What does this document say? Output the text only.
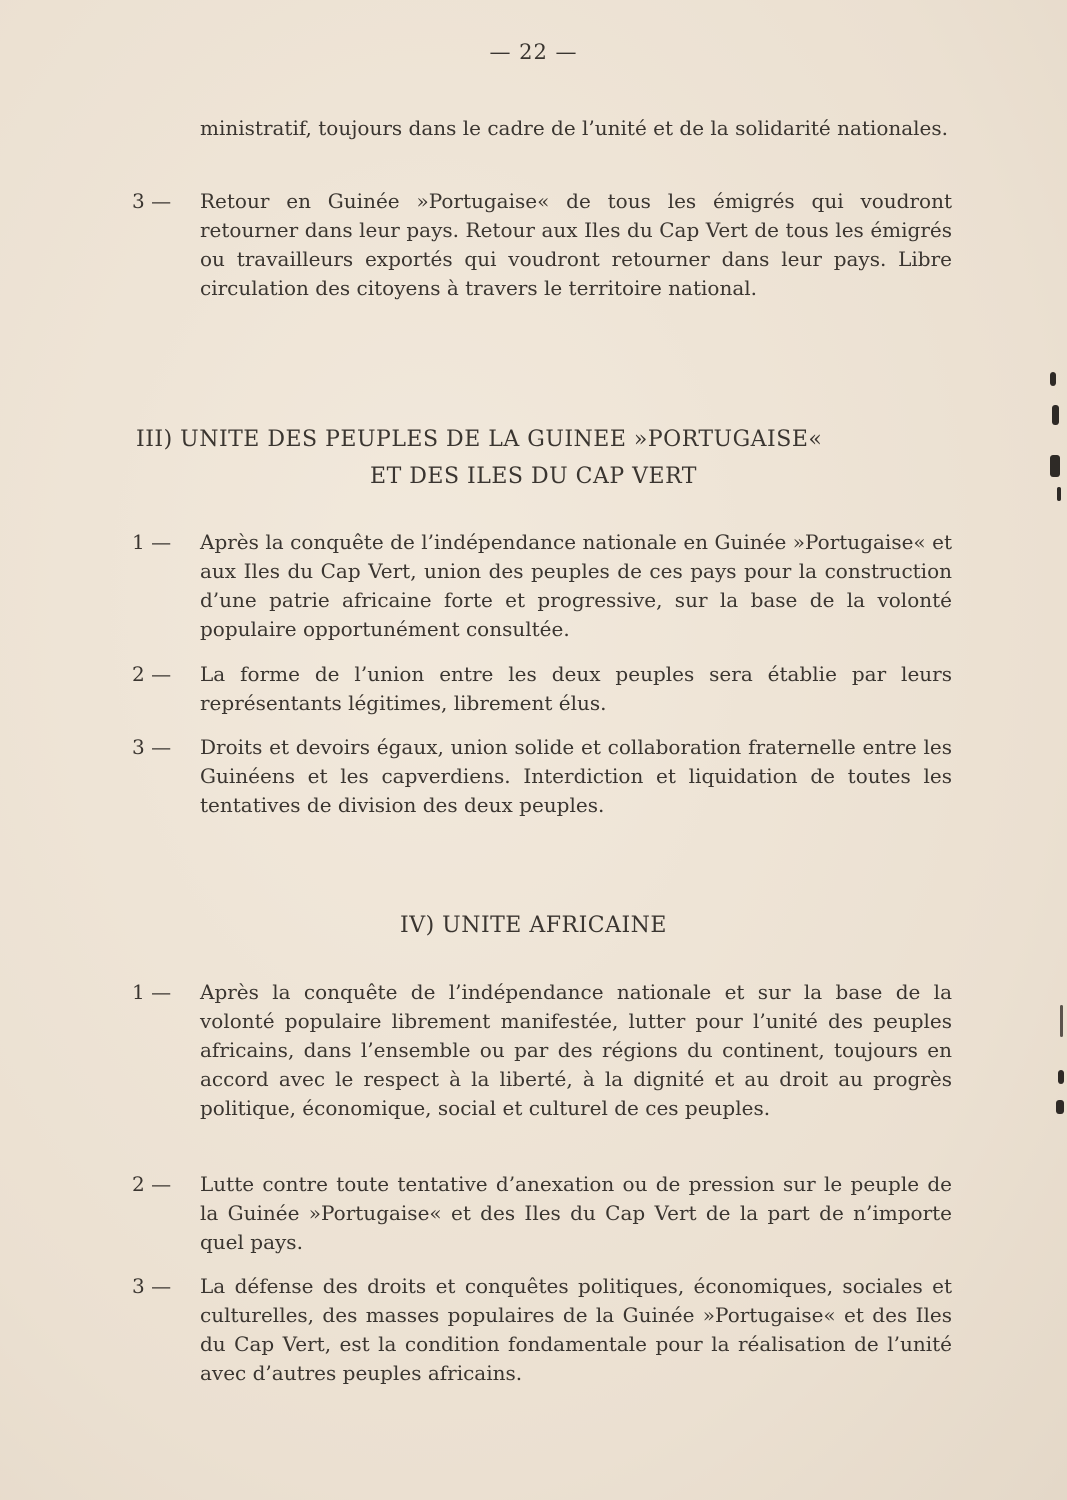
— 22 —
ministratif, toujours dans le cadre de l’unité et de la solidarité nationales.
3 —	Retour en Guinée »Portugaise« de tous les émigrés qui voudront retourner dans leur pays. Retour aux Iles du Cap Vert de tous les émigrés ou travailleurs exportés qui voudront retourner dans leur pays. Libre circulation des citoyens à travers le territoire national.
III) UNITE DES PEUPLES DE LA GUINEE »PORTUGAISE«
ET DES ILES DU CAP VERT
1 —	Après la conquête de l’indépendance nationale en Guinée »Portugaise« et aux Iles du Cap Vert, union des peuples de ces pays pour la construction d’une patrie africaine forte et progressive, sur la base de la volonté populaire opportunément consultée.
2 —	La forme de l’union entre les deux peuples sera établie par leurs représentants légitimes, librement élus.
3 —	Droits et devoirs égaux, union solide et collaboration fraternelle entre les Guinéens et les capverdiens. Interdiction et liquidation de toutes les tentatives de division des deux peuples.
IV) UNITE AFRICAINE
1 —	Après la conquête de l’indépendance nationale et sur la base de la volonté populaire librement manifestée, lutter pour l’unité des peuples africains, dans l’ensemble ou par des régions du continent, toujours en accord avec le respect à la liberté, à la dignité et au droit au progrès politique, économique, social et culturel de ces peuples.
2 —	Lutte contre toute tentative d’anexation ou de pression sur le peuple de la Guinée »Portugaise« et des Iles du Cap Vert de la part de n’importe quel pays.
3 —	La défense des droits et conquêtes politiques, économiques, sociales et culturelles, des masses populaires de la Guinée »Portugaise« et des Iles du Cap Vert, est la condition fondamentale pour la réalisation de l’unité avec d’autres peuples africains.
